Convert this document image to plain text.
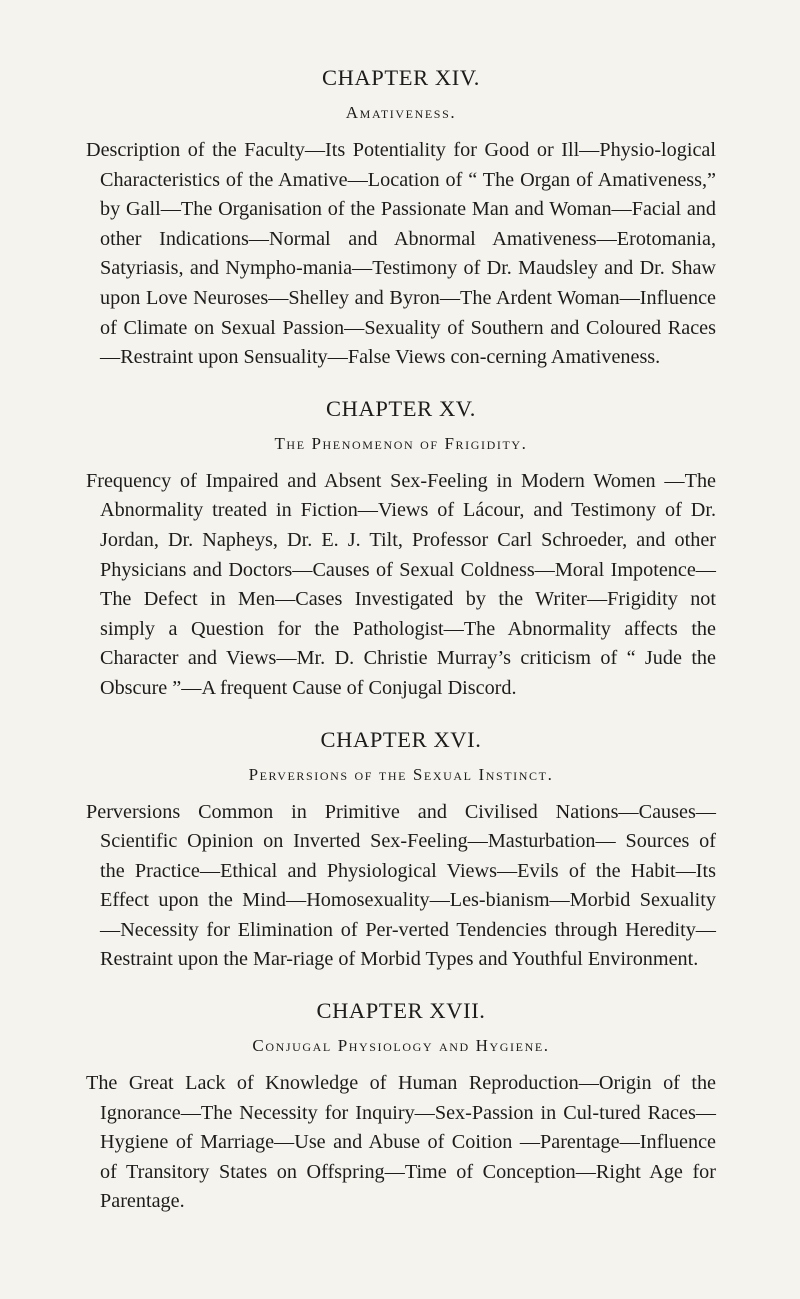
CHAPTER XIV.
Amativeness.

Description of the Faculty—Its Potentiality for Good or Ill—Physio-logical Characteristics of the Amative—Location of “ The Organ of Amativeness,” by Gall—The Organisation of the Passionate Man and Woman—Facial and other Indications—Normal and Abnormal Amativeness—Erotomania, Satyriasis, and Nympho-mania—Testimony of Dr. Maudsley and Dr. Shaw upon Love Neuroses—Shelley and Byron—The Ardent Woman—Influence of Climate on Sexual Passion—Sexuality of Southern and Coloured Races—Restraint upon Sensuality—False Views con-cerning Amativeness.

CHAPTER XV.
The Phenomenon of Frigidity.

Frequency of Impaired and Absent Sex-Feeling in Modern Women —The Abnormality treated in Fiction—Views of Lácour, and Testimony of Dr. Jordan, Dr. Napheys, Dr. E. J. Tilt, Professor Carl Schroeder, and other Physicians and Doctors—Causes of Sexual Coldness—Moral Impotence—The Defect in Men—Cases Investigated by the Writer—Frigidity not simply a Question for the Pathologist—The Abnormality affects the Character and Views—Mr. D. Christie Murray’s criticism of “ Jude the Obscure ”—A frequent Cause of Conjugal Discord.

CHAPTER XVI.
Perversions of the Sexual Instinct.

Perversions Common in Primitive and Civilised Nations—Causes— Scientific Opinion on Inverted Sex-Feeling—Masturbation— Sources of the Practice—Ethical and Physiological Views—Evils of the Habit—Its Effect upon the Mind—Homosexuality—Les-bianism—Morbid Sexuality—Necessity for Elimination of Per-verted Tendencies through Heredity—Restraint upon the Mar-riage of Morbid Types and Youthful Environment.

CHAPTER XVII.
Conjugal Physiology and Hygiene.

The Great Lack of Knowledge of Human Reproduction—Origin of the Ignorance—The Necessity for Inquiry—Sex-Passion in Cul-tured Races—Hygiene of Marriage—Use and Abuse of Coition —Parentage—Influence of Transitory States on Offspring—Time of Conception—Right Age for Parentage.
